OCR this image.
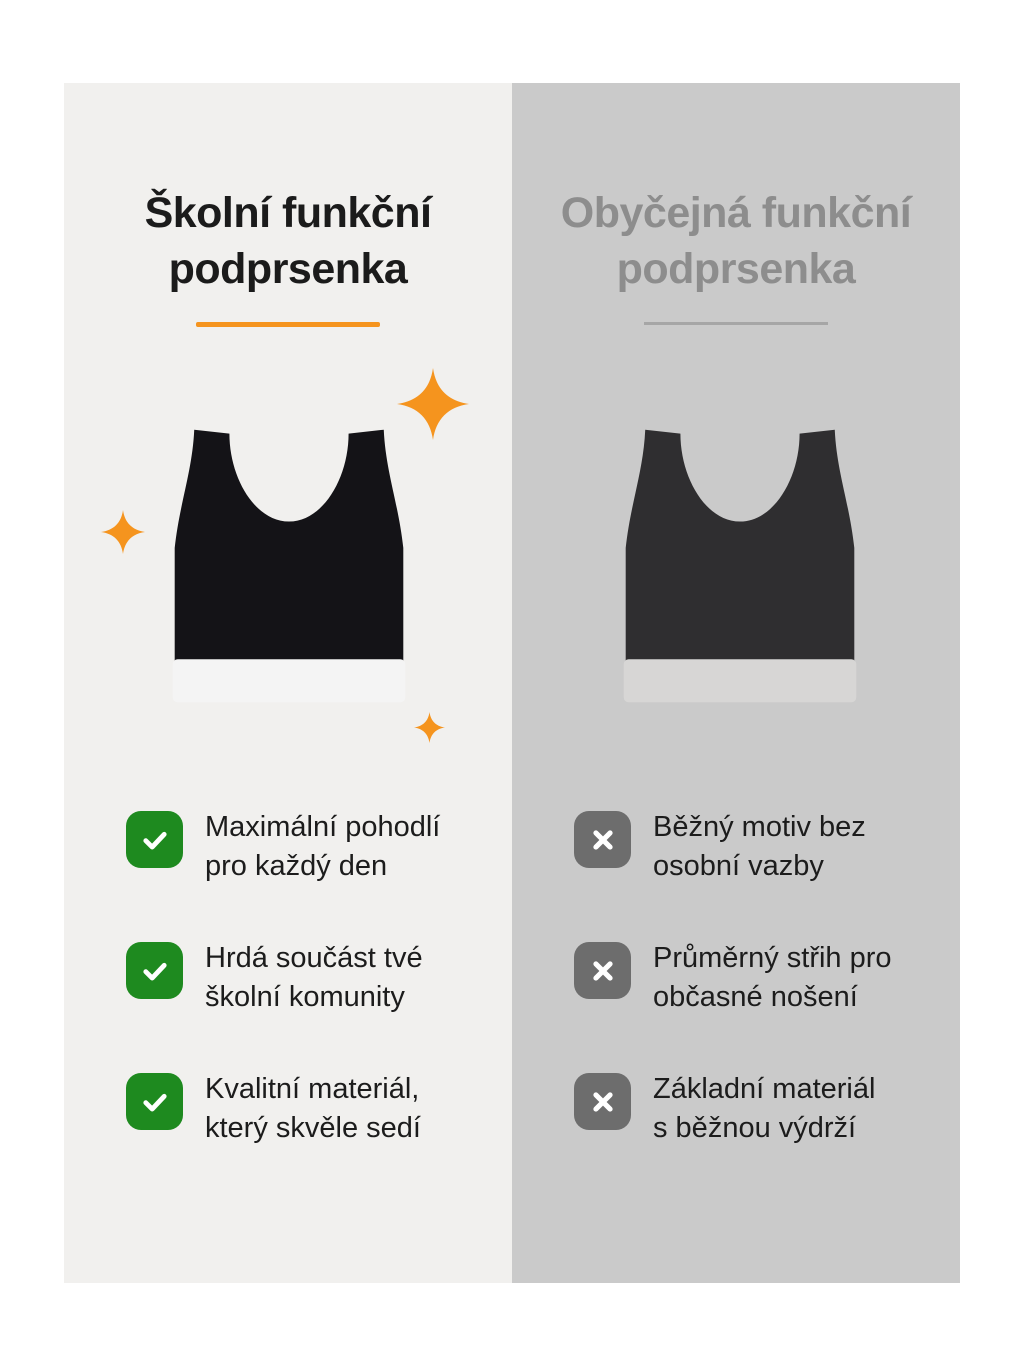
Školní funkční
podprsenka
Maximální pohodlí
pro každý den
Hrdá součást tvé
školní komunity
Kvalitní materiál,
který skvěle sedí
Obyčejná funkční
podprsenka
Běžný motiv bez
osobní vazby
Průměrný střih pro
občasné nošení
Základní materiál
s běžnou výdrží
